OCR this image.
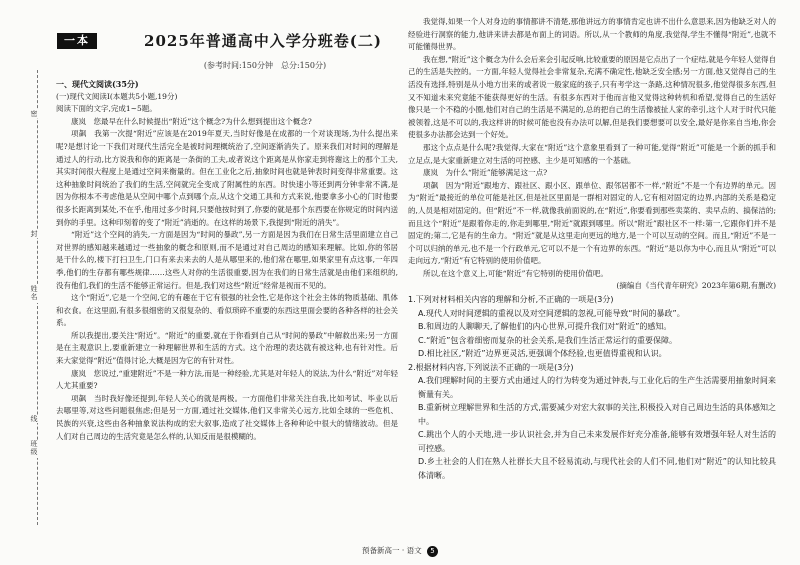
密
封
线
姓名
班级
一本	2025年普通高中入学分班卷(二)
(参考时间:150分钟　总分:150分)

一、现代文阅读(35分)

(一)现代文阅读Ⅰ(本题共5小题,19分)

阅读下面的文字,完成1~5题。

康岚　您最早在什么时候提出“附近”这个概念?为什么想到提出这个概念?

项飙　我第一次提“附近”应该是在2019年夏天,当时好像是在成都的一个对谈现场,为什么提出来呢?是想讨论一下我们对现代生活完全是被时间理概统治了,空间逐渐消失了。原来我们对时间的理解是通过人的行动,比方说我和你的距离是一条街的工夫,或者说这个距离是从你家走到将谢这上的那个工夫,其实时间很大程度上是通过空间来衡量的。但在工业化之后,抽象时间也就是钟表时间变得非常重要。这这种抽象时间统治了我们的生活,空间就完全变成了附属性的东西。时快速小等还到两分钟非常不满,是因为你根本不考虑他是从空间中哪个点到哪个点,从这个交通工具和方式来说,他要拿多小心的门时他要很多长距离到某处,不在乎,他用过多少时间,只要他按时到了,你要的就是那个东西要在你规定的时间内送到你的手里。这种印刻着的变了“附近”消逝的。在这样的场景下,我提到“附近的消失”。

“附近”这个空间的消失,一方面是因为“时间的暴政”,另一方面是因为我们在日常生活里面建立自己对世界的感知越来越通过一些抽象的概念和原则,而不是通过对自己周边的感知来理解。比如,你的邻居是干什么的,楼下打扫卫生,门口有来去来去的人是从哪里来的,他们常在哪里,如果家里有点这事,一年四季,他们的生存都有哪些规律……这些人对你的生活很重要,因为在我们的日常生活就是由他们来组织的,没有他们,我们的生活不能够正常运行。但是,我们对这些“附近”经常是视而不见的。

这个“附近”,它是一个空间,它的有趣在于它有很强的社会性,它是你这个社会主体的物质基础、肌体和衣食。在这里面,有很多很细密的又很复杂的、看似琐碎不重要的东西这里面会要的各种各样的社会关系。

所以我提出,要关注“附近”。“附近”的重要,就在于你看到自己从“时间的暴政”中解救出来;另一方面是在主观意识上,要重新建立一种理解世界和生活的方式。这个治理的表达就有被这种,也有针对性。后来大家觉得“附近”值得讨论,大概是因为它的有针对性。

康岚　您说过,“重建附近”不是一种方法,而是一种经验,尤其是对年轻人的说法,为什么“附近”对年轻人尤其重要?

项飙　当时我好像还提到,年轻人关心的就是两极。一方面他们非常关注自我,比如考试、毕业以后去哪里等,对这些问题很焦虑;但是另一方面,通过社交媒体,他们又非常关心远方,比如全球的一些危机、民族的兴衰,这些由各种抽象说法构成的宏大叙事,造成了社交媒体上各种种论中很大的情绪波动。但是人们对自己周边的生活究竟是怎么样的,认知反而是很模糊的。

我觉得,如果一个人对身边的事情都讲不清楚,那他讲远方的事情肯定也讲不出什么意思来,因为他缺乏对人的经验进行洞察的能力,他讲来讲去都是布面上的词语。所以,从一个教师的角度,我觉得,学生不懂得“附近”,也就不可能懂得世界。

我在想,“附近”这个概念为什么会后来会引起反响,比较重要的原因是它点出了一个症结,就是今年轻人觉得自己的生活是失控的。一方面,年轻人觉得社会非常复杂,充满不确定性,他缺乏安全感;另一方面,他又觉得自己的生活没有选择,特别是从小地方出来的或者说一般家庭的孩子,只有考学这一条路,这种情况很多,他觉得很多东西,但又不知道未来究竟能不能获得更好的生活。有很多东西对于他而言他又觉得这种转机和希望,觉得自己的生活好像只是一个不稳的小圈,他们对自己的生活是不满足的,总的把自己的生活像被扯人家的牵引,这个人对于时代只能被领着,这是不可以的,我这样讲的时候可能也没有办法可以解,但是我们要想要可以安全,最好是你来自当地,你会使很多办法都会达到一个好处。

那这个点点是什么呢?我觉得,大家在“附近”这个意象里看到了一种可能,觉得“附近”可能是一个新的抓手和立足点,是大家重新建立对生活的可控感、主少是可知感的一个基础。

康岚　为什么“附近”能够满足这一点?

项飙　因为“附近”跟地方、跟社区、跟小区、跟单位、跟邻居都不一样,“附近”不是一个有边界的单元。因为“附近”最接近的单位可能是社区,但是社区里面是一群相对固定的人,它有相对固定的边界,内部的关系是稳定的,人员是相对固定的。但“附近”不一样,就像我前面说的,在“附近”,你要看到那些卖菜的、卖早点的、搞保洁的;而且这个“附近”是跟着你走的,你走到哪里,“附近”就跟到哪里。所以“附近”跟社区不一样:第一,它跟你们并不是固定的;第二,它是有的生命力。“附近”就是从这里走向更远的地方,是一个可以互动的空间。而且,“附近”不是一个可以归纳的单元,也不是一个行政单元,它可以不是一个有边界的东西。“附近”是以你为中心,而且从“附近”可以走向远方,“附近”有它特别的使用价值吧。

所以,在这个意义上,可能“附近”有它特别的使用价值吧。

(摘编自《当代青年研究》2023年第6期,有删改)

1.下列对材料相关内容的理解和分析,不正确的一项是(3分)

A.现代人对时间逻辑的重视以及对空间逻辑的忽视,可能导致“时间的暴政”。

B.和周边的人聊聊天,了解他们的内心世界,可提升我们对“附近”的感知。

C.“附近”包含着细密而复杂的社会关系,是我们生活正常运行的重要保障。

D.相比社区,“附近”边界更灵活,更强调个体经验,也更值得重视和认识。

2.根据材料内容,下列说法不正确的一项是(3分)

A.我们理解时间的主要方式由通过人的行为转变为通过钟表,与工业化后的生产生活需要用抽象时间来衡量有关。

B.重新树立理解世界和生活的方式,需要减少对宏大叙事的关注,积极投入对自己周边生活的具体感知之中。

C.跳出个人的小天地,进一步认识社会,并为自己未来发展作好充分准备,能够有效增强年轻人对生活的可控感。

D.乡土社会的人们在熟人社群长大且不轻易流动,与现代社会的人们不同,他们对“附近”的认知比较具体清晰。

预备新高一 · 语文 5
